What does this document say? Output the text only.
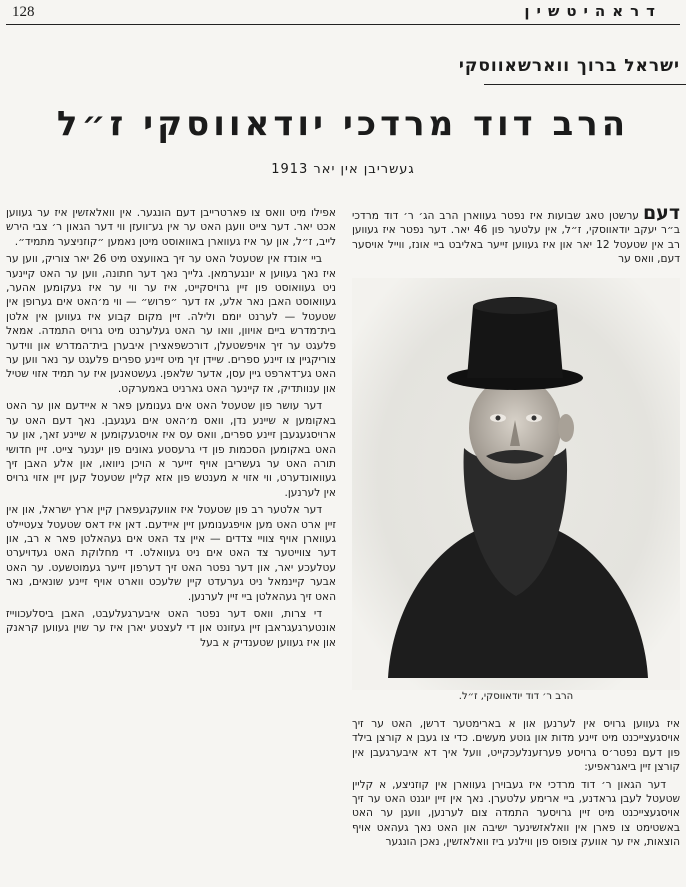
128	דראהיטשין
ישראל ברוך ווארשאווסקי
הרב דוד מרדכי יודאווסקי ז״ל
געשריבן אין יאר 1913

דעםערשטן טאג שבועות איז נפטר געווארן הרב הג׳ ר׳ דוד מרדכי ב״ר יעקב יודאווסקי, ז״ל, אין עלטער פון 46 יאר. דער נפטר איז געווען רב אין שטעטל 12 יאר און איז געווען זייער באליבט ביי אונז, ווייל אויסער דעם, וואס ער

הרב ר׳ דוד יודאווסקי, ז״ל.

איז געווען גרויס אין לערנען און א בארימטער דרשן, האט ער זיך אויסגעצייכנט מיט זיינע מדות און גוטע מעשים. כדי צו געבן א קורצן בילד פון דעם נפטר׳ס גרויסע פערזענלעכקייט, וועל איך דא איבערגעבן אין קורצן זיין ביאגראפיע:

דער הגאון ר׳ דוד מרדכי איז געבוירן געווארן אין קוזניצע, א קליין שטעטל לעבן גראדנע, ביי ארימע עלטערן. נאך אין זיין יוגנט האט ער זיך אויסגעצייכנט מיט זיין גרויסער התמדה צום לערנען, וועגן ער האט באשטימט צו פארן אין וואלאזשינער ישיבה און האט נאך געהאט אויף הוצאות, איז ער אוועק צופוס פון ווילנע ביז וואלאזשין, נאכן הונגער

אפילו מיט וואס צו פארטרייבן דעם הונגער. אין וואלאזשין איז ער געווען אכט יאר. דער צייט וועגן האט ער אין גע־וועזן ווי דער הגאון ר׳ צבי הירש לייב, ז״ל, און ער איז געווארן באוואוסט מיטן נאמען ״קוזניצער מתמיד״.

ביי אונדז אין שטעטל האט ער זיך באוועצט מיט 26 יאר צוריק, ווען ער איז נאך געווען א יונגערמאן. גלייך נאך דער חתונה, ווען ער האט קיינער ניט געוואוסט פון זיין גרויסקייט, איז ער ווי ער איז געקומען אהער, געוואוסט האבן נאר אלע, אז דער ״פרוש״ — ווי מ׳האט אים גערופן אין שטעטל — לערנט יומם ולילה. זיין מקום קבוע איז געווען אין אלטן בית־מדרש ביים אויוון, וואו ער האט געלערנט מיט גרויס התמדה. אמאל פלעגט ער זיך אויפשטעלן, דורכשפאצירן איבערן בית־המדרש און ווידער צוריקגיין צו זיינע ספרים. שיידן זיך מיט זיינע ספרים פלעגט ער נאר ווען ער האט גע־דארפט גיין עסן, אדער שלאפן. געשטאנען איז ער תמיד אזוי שטיל און ענוותדיק, אז קיינער האט גארניט באמערקט.

דער עושר פון שטעטל האט אים גענומען פאר א איידעם און ער האט באקומען א שיינע נדן, וואס מ׳האט אים געגעבן. נאך דעם האט ער ארויסגעגעבן זיינע ספרים, וואס עס איז אויסגעקומען א שיינע זאך, און ער האט באקומען הסכמות פון די גרעסטע גאונים פון יענער צייט. זיין חדושי תורה האט ער געשריבן אויף זייער א הויכן ניוואו, און אלע האבן זיך געוואונדערט, ווי אזוי א מענטש פון אזא קליין שטעטל קען זיין אזוי גרויס אין לערנען.

דער אלטער רב פון שטעטל איז אוועקגעפארן קיין ארץ ישראל, און אין זיין ארט האט מען אויפגענומען זיין איידעם. דאן איז דאס שטעטל צעטיילט געווארן אויף צוויי צדדים — איין צד האט אים געהאלטן פאר א רב, און דער צווייטער צד האט אים ניט געוואלט. די מחלוקת האט געדויערט עטלעכע יאר, און דער נפטר האט זיך דערפון זייער געמוטשעט. ער האט אבער קיינמאל ניט גערעדט קיין שלעכט ווארט אויף זיינע שונאים, נאר האט זיך געהאלטן ביי זיין לערנען.

די צרות, וואס דער נפטר האט איבערגעלעבט, האבן ביסלעכווייז אונטערגעגראבן זיין געזונט און די לעצטע יארן איז ער שוין געווען קראנק און איז געווען שטענדיק א בעל
